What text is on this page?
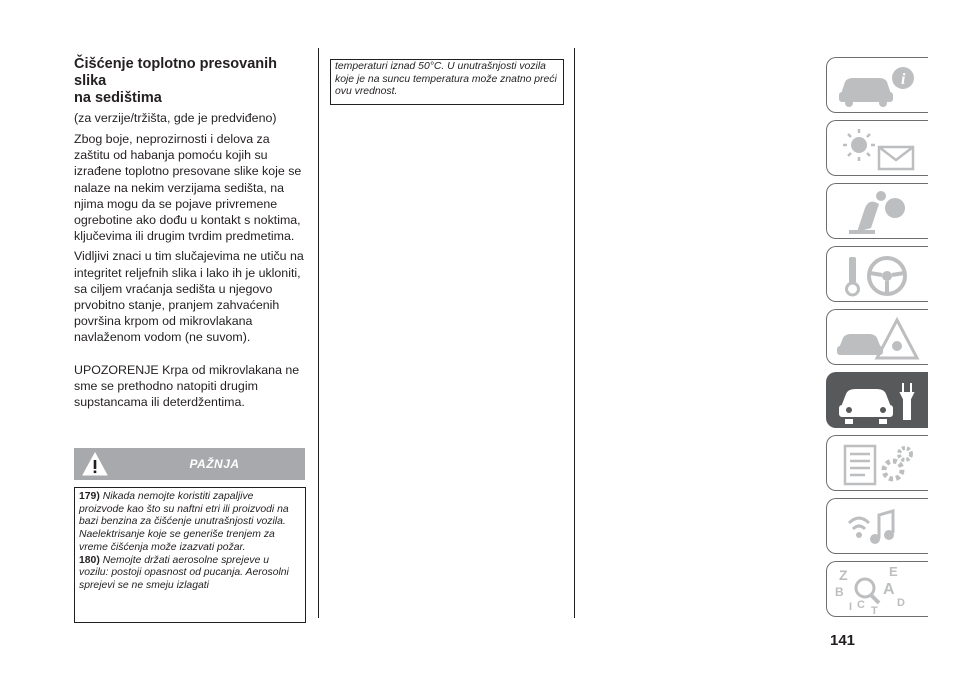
Čišćenje toplotno presovanih slika
na sedištima

(za verzije/tržišta, gde je predviđeno)

Zbog boje, neprozirnosti i delova za zaštitu od habanja pomoću kojih su izrađene toplotno presovane slike koje se nalaze na nekim verzijama sedišta, na njima mogu da se pojave privremene ogrebotine ako dođu u kontakt s noktima, ključevima ili drugim tvrdim predmetima.

Vidljivi znaci u tim slučajevima ne utiču na integritet reljefnih slika i lako ih je ukloniti, sa ciljem vraćanja sedišta u njegovo prvobitno stanje, pranjem zahvaćenih površina krpom od mikrovlakana navlaženom vodom (ne suvom).

UPOZORENJE Krpa od mikrovlakana ne sme se prethodno natopiti drugim supstancama ili deterdžentima.

PAŽNJA

179) Nikada nemojte koristiti zapaljive proizvode kao što su naftni etri ili proizvodi na bazi benzina za čišćenje unutrašnjosti vozila. Naelektrisanje koje se generiše trenjem za vreme čišćenja može izazvati požar.

180) Nemojte držati aerosolne sprejeve u vozilu: postoji opasnost od pucanja. Aerosolni sprejevi se ne smeju izlagati

temperaturi iznad 50°C. U unutrašnjosti vozila koje je na suncu temperatura može znatno preći ovu vrednost.

i
Z	E
B A
I C	D
T
141
